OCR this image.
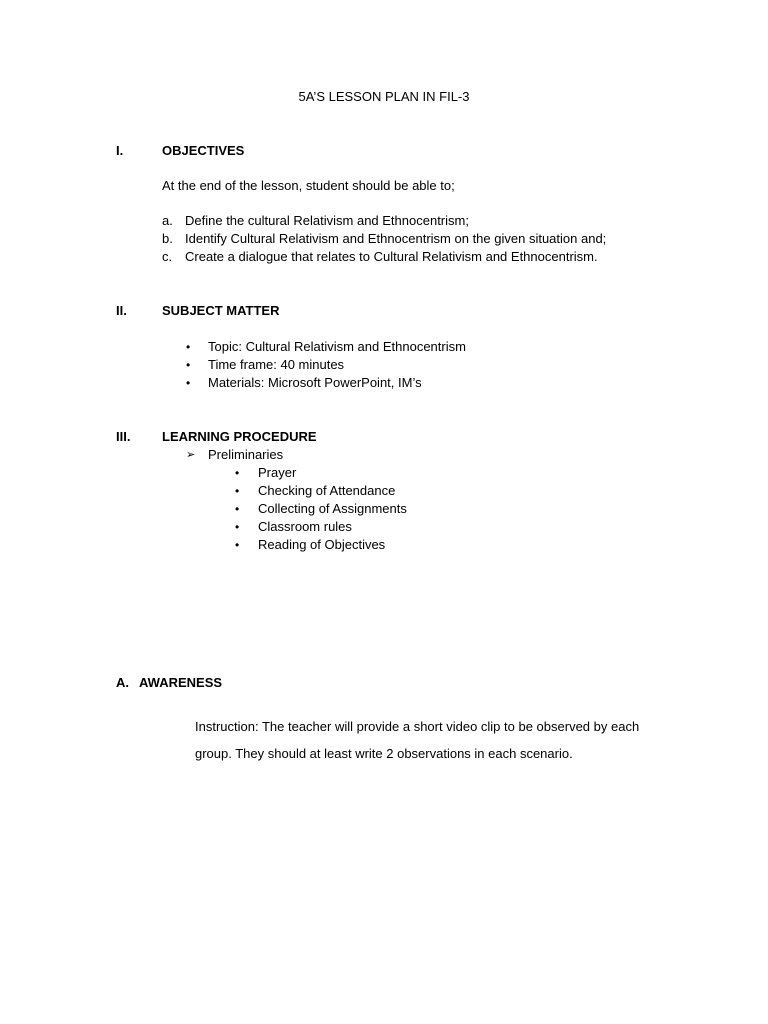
5A’S LESSON PLAN IN FIL-3
I.	OBJECTIVES
At the end of the lesson, student should be able to;
a. Define the cultural Relativism and Ethnocentrism;
b. Identify Cultural Relativism and Ethnocentrism on the given situation and;
c. Create a dialogue that relates to Cultural Relativism and Ethnocentrism.
II.	SUBJECT MATTER
• Topic: Cultural Relativism and Ethnocentrism
• Time frame: 40 minutes
• Materials: Microsoft PowerPoint, IM’s
III. LEARNING PROCEDURE
➢ Preliminaries
• Prayer
• Checking of Attendance
• Collecting of Assignments
• Classroom rules
• Reading of Objectives
A. AWARENESS
Instruction: The teacher will provide a short video clip to be observed by each
group. They should at least write 2 observations in each scenario.
